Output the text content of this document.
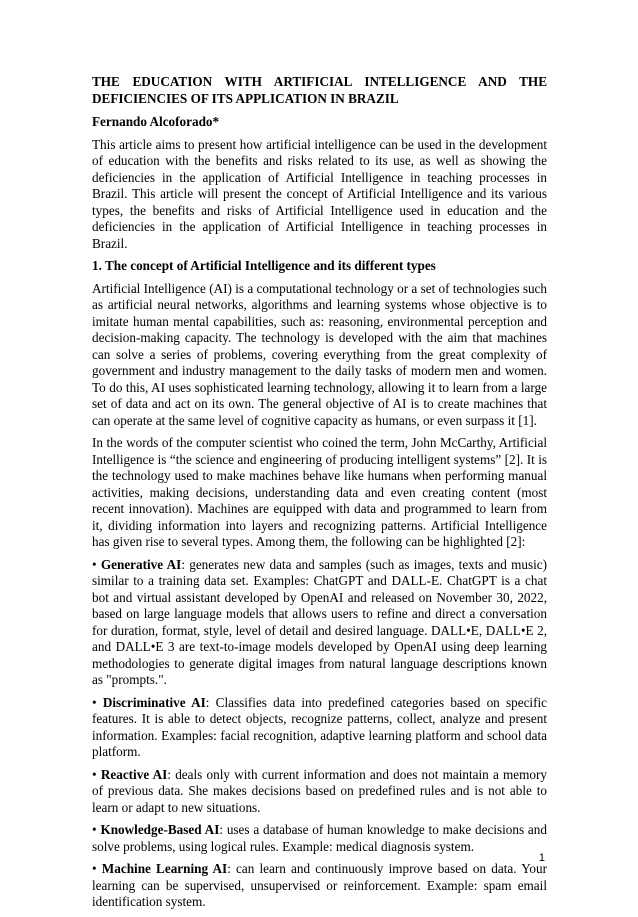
THE EDUCATION WITH ARTIFICIAL INTELLIGENCE AND THE
DEFICIENCIES OF ITS APPLICATION IN BRAZIL
Fernando Alcoforado*

This article aims to present how artificial intelligence can be used in the development of education with the benefits and risks related to its use, as well as showing the deficiencies in the application of Artificial Intelligence in teaching processes in Brazil. This article will present the concept of Artificial Intelligence and its various types, the benefits and risks of Artificial Intelligence used in education and the deficiencies in the application of Artificial Intelligence in teaching processes in Brazil.

1. The concept of Artificial Intelligence and its different types

Artificial Intelligence (AI) is a computational technology or a set of technologies such as artificial neural networks, algorithms and learning systems whose objective is to imitate human mental capabilities, such as: reasoning, environmental perception and decision-making capacity. The technology is developed with the aim that machines can solve a series of problems, covering everything from the great complexity of government and industry management to the daily tasks of modern men and women. To do this, AI uses sophisticated learning technology, allowing it to learn from a large set of data and act on its own. The general objective of AI is to create machines that can operate at the same level of cognitive capacity as humans, or even surpass it [1].

In the words of the computer scientist who coined the term, John McCarthy, Artificial Intelligence is “the science and engineering of producing intelligent systems” [2]. It is the technology used to make machines behave like humans when performing manual activities, making decisions, understanding data and even creating content (most recent innovation). Machines are equipped with data and programmed to learn from it, dividing information into layers and recognizing patterns. Artificial Intelligence has given rise to several types. Among them, the following can be highlighted [2]:

• Generative AI: generates new data and samples (such as images, texts and music) similar to a training data set. Examples: ChatGPT and DALL-E. ChatGPT is a chat bot and virtual assistant developed by OpenAI and released on November 30, 2022, based on large language models that allows users to refine and direct a conversation for duration, format, style, level of detail and desired language. DALL•E, DALL•E 2, and DALL•E 3 are text-to-image models developed by OpenAI using deep learning methodologies to generate digital images from natural language descriptions known as "prompts.".

• Discriminative AI: Classifies data into predefined categories based on specific features. It is able to detect objects, recognize patterns, collect, analyze and present information. Examples: facial recognition, adaptive learning platform and school data platform.

• Reactive AI: deals only with current information and does not maintain a memory of previous data. She makes decisions based on predefined rules and is not able to learn or adapt to new situations.

• Knowledge-Based AI: uses a database of human knowledge to make decisions and solve problems, using logical rules. Example: medical diagnosis system.

• Machine Learning AI: can learn and continuously improve based on data. Your learning can be supervised, unsupervised or reinforcement. Example: spam email identification system.

1
